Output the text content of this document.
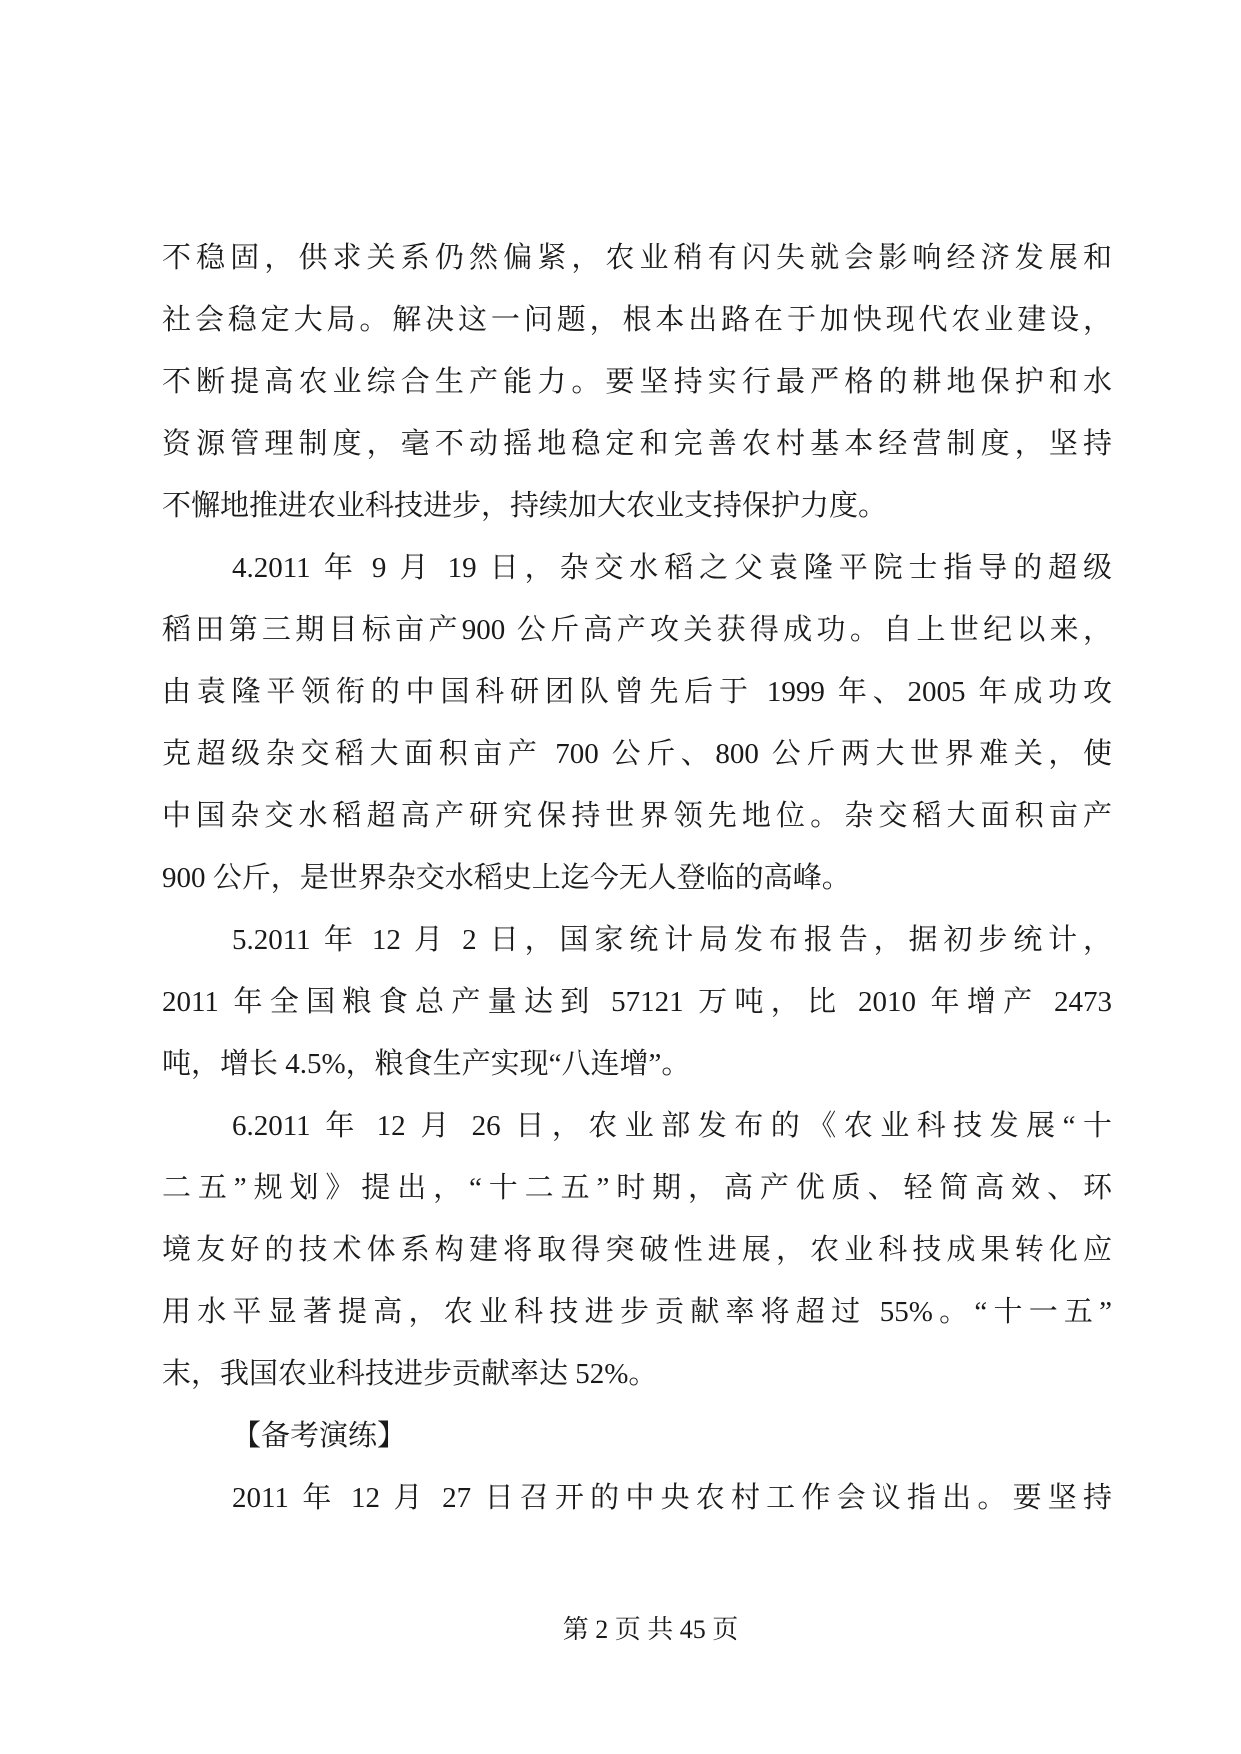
不稳固，供求关系仍然偏紧，农业稍有闪失就会影响经济发展和
社会稳定大局。解决这一问题，根本出路在于加快现代农业建设，
不断提高农业综合生产能力。要坚持实行最严格的耕地保护和水
资源管理制度，毫不动摇地稳定和完善农村基本经营制度，坚持
不懈地推进农业科技进步，持续加大农业支持保护力度。
4.2011 年 9 月 19 日，杂交水稻之父袁隆平院士指导的超级
稻田第三期目标亩产900 公斤高产攻关获得成功。自上世纪以来，
由袁隆平领衔的中国科研团队曾先后于 1999 年、2005 年成功攻
克超级杂交稻大面积亩产 700 公斤、800 公斤两大世界难关，使
中国杂交水稻超高产研究保持世界领先地位。杂交稻大面积亩产
900 公斤，是世界杂交水稻史上迄今无人登临的高峰。
5.2011 年 12 月 2 日，国家统计局发布报告，据初步统计，
2011 年全国粮食总产量达到 57121 万吨，比 2010 年增产 2473
吨，增长 4.5%，粮食生产实现“八连增”。
6.2011 年 12 月 26 日，农业部发布的《农业科技发展“十
二五”规划》提出，“十二五”时期，高产优质、轻简高效、环
境友好的技术体系构建将取得突破性进展，农业科技成果转化应
用水平显著提高，农业科技进步贡献率将超过 55%。“十一五”
末，我国农业科技进步贡献率达 52%。
【备考演练】
2011 年 12 月 27 日召开的中央农村工作会议指出。要坚持
第 2 页 共 45 页
